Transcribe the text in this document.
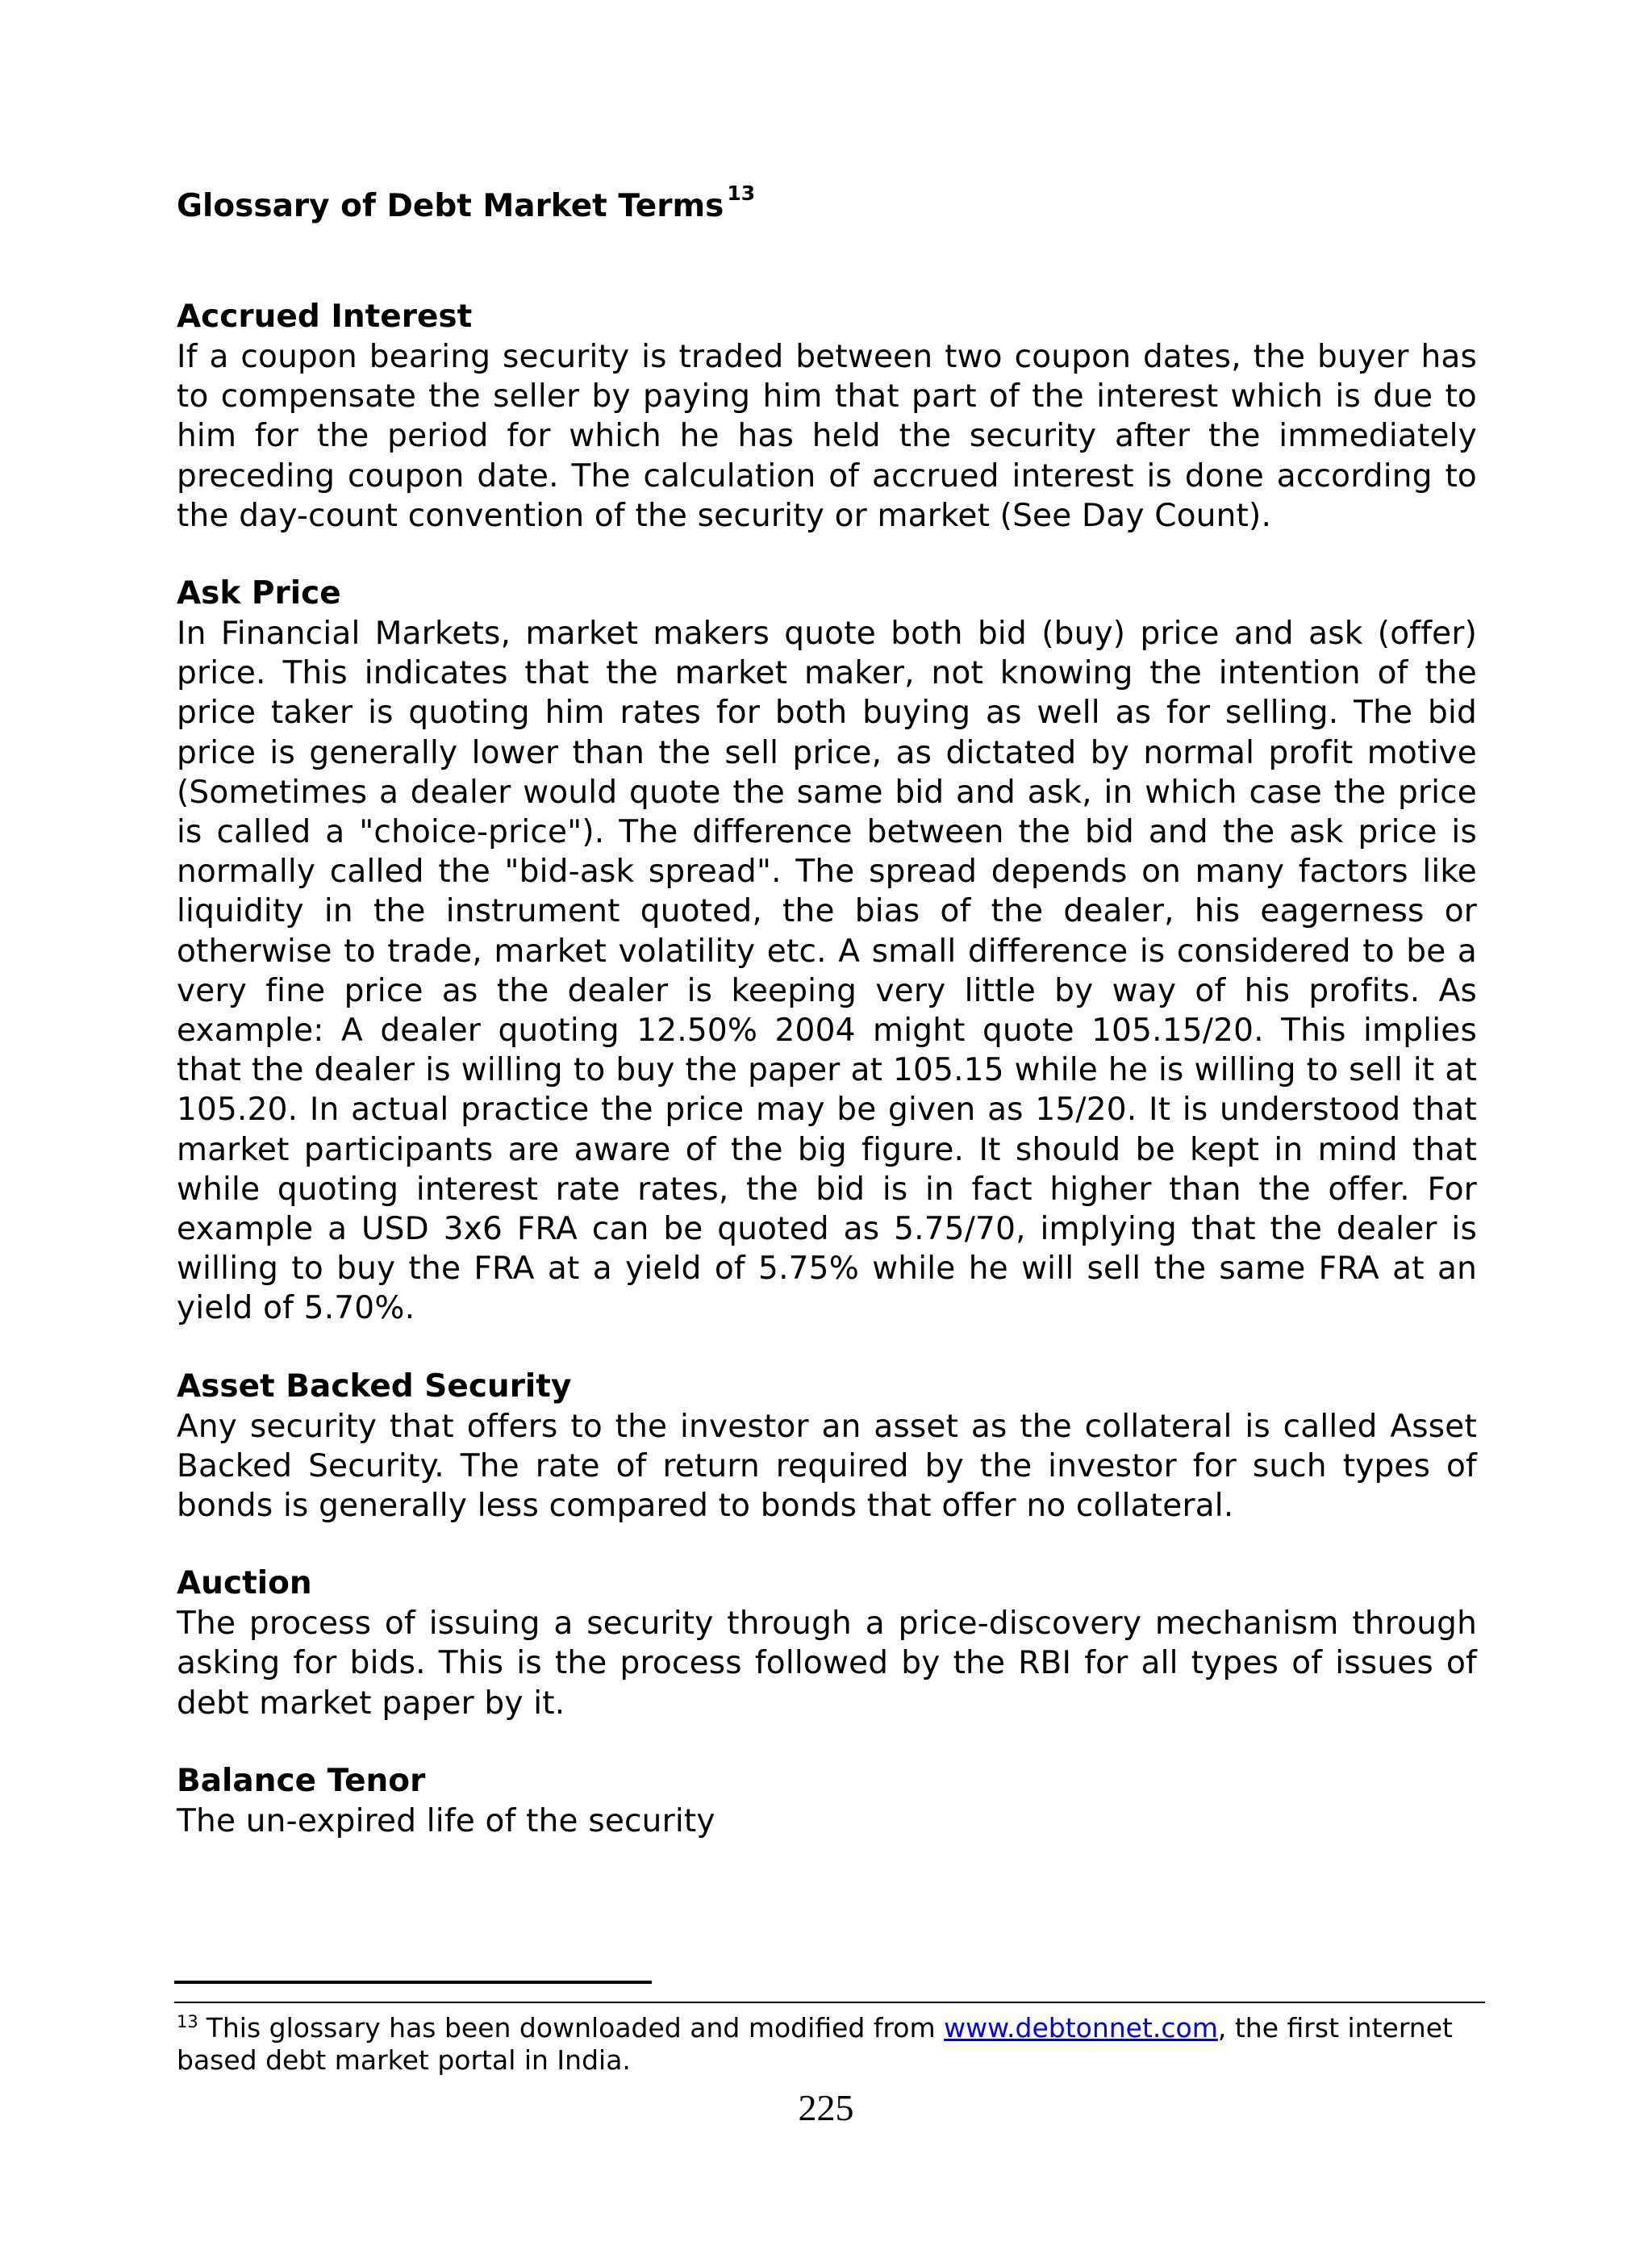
Glossary of Debt Market Terms $^{13}$
Accrued Interest

If a coupon bearing security is traded between two coupon dates, the buyer has to compensate the seller by paying him that part of the interest which is due to him for the period for which he has held the security after the immediately preceding coupon date. The calculation of accrued interest is done according to the day-count convention of the security or market (See Day Count).

Ask Price

In Financial Markets, market makers quote both bid (buy) price and ask (offer) price. This indicates that the market maker, not knowing the intention of the price taker is quoting him rates for both buying as well as for selling. The bid price is generally lower than the sell price, as dictated by normal profit motive (Sometimes a dealer would quote the same bid and ask, in which case the price is called a "choice-price"). The difference between the bid and the ask price is normally called the "bid-ask spread". The spread depends on many factors like liquidity in the instrument quoted, the bias of the dealer, his eagerness or otherwise to trade, market volatility etc. A small difference is considered to be a very fine price as the dealer is keeping very little by way of his profits. As example: A dealer quoting 12.50% 2004 might quote 105.15/20. This implies that the dealer is willing to buy the paper at 105.15 while he is willing to sell it at 105.20. In actual practice the price may be given as 15/20. It is understood that market participants are aware of the big figure. It should be kept in mind that while quoting interest rate rates, the bid is in fact higher than the offer. For example a USD 3x6 FRA can be quoted as 5.75/70, implying that the dealer is willing to buy the FRA at a yield of 5.75% while he will sell the same FRA at an yield of 5.70%.

Asset Backed Security

Any security that offers to the investor an asset as the collateral is called Asset Backed Security. The rate of return required by the investor for such types of bonds is generally less compared to bonds that offer no collateral.

Auction

The process of issuing a security through a price-discovery mechanism through asking for bids. This is the process followed by the RBI for all types of issues of debt market paper by it.

Balance Tenor

The un-expired life of the security

$^{13}$ This glossary has been downloaded and modified from www.debtonnet.com, the first internet based debt market portal in India.

225
